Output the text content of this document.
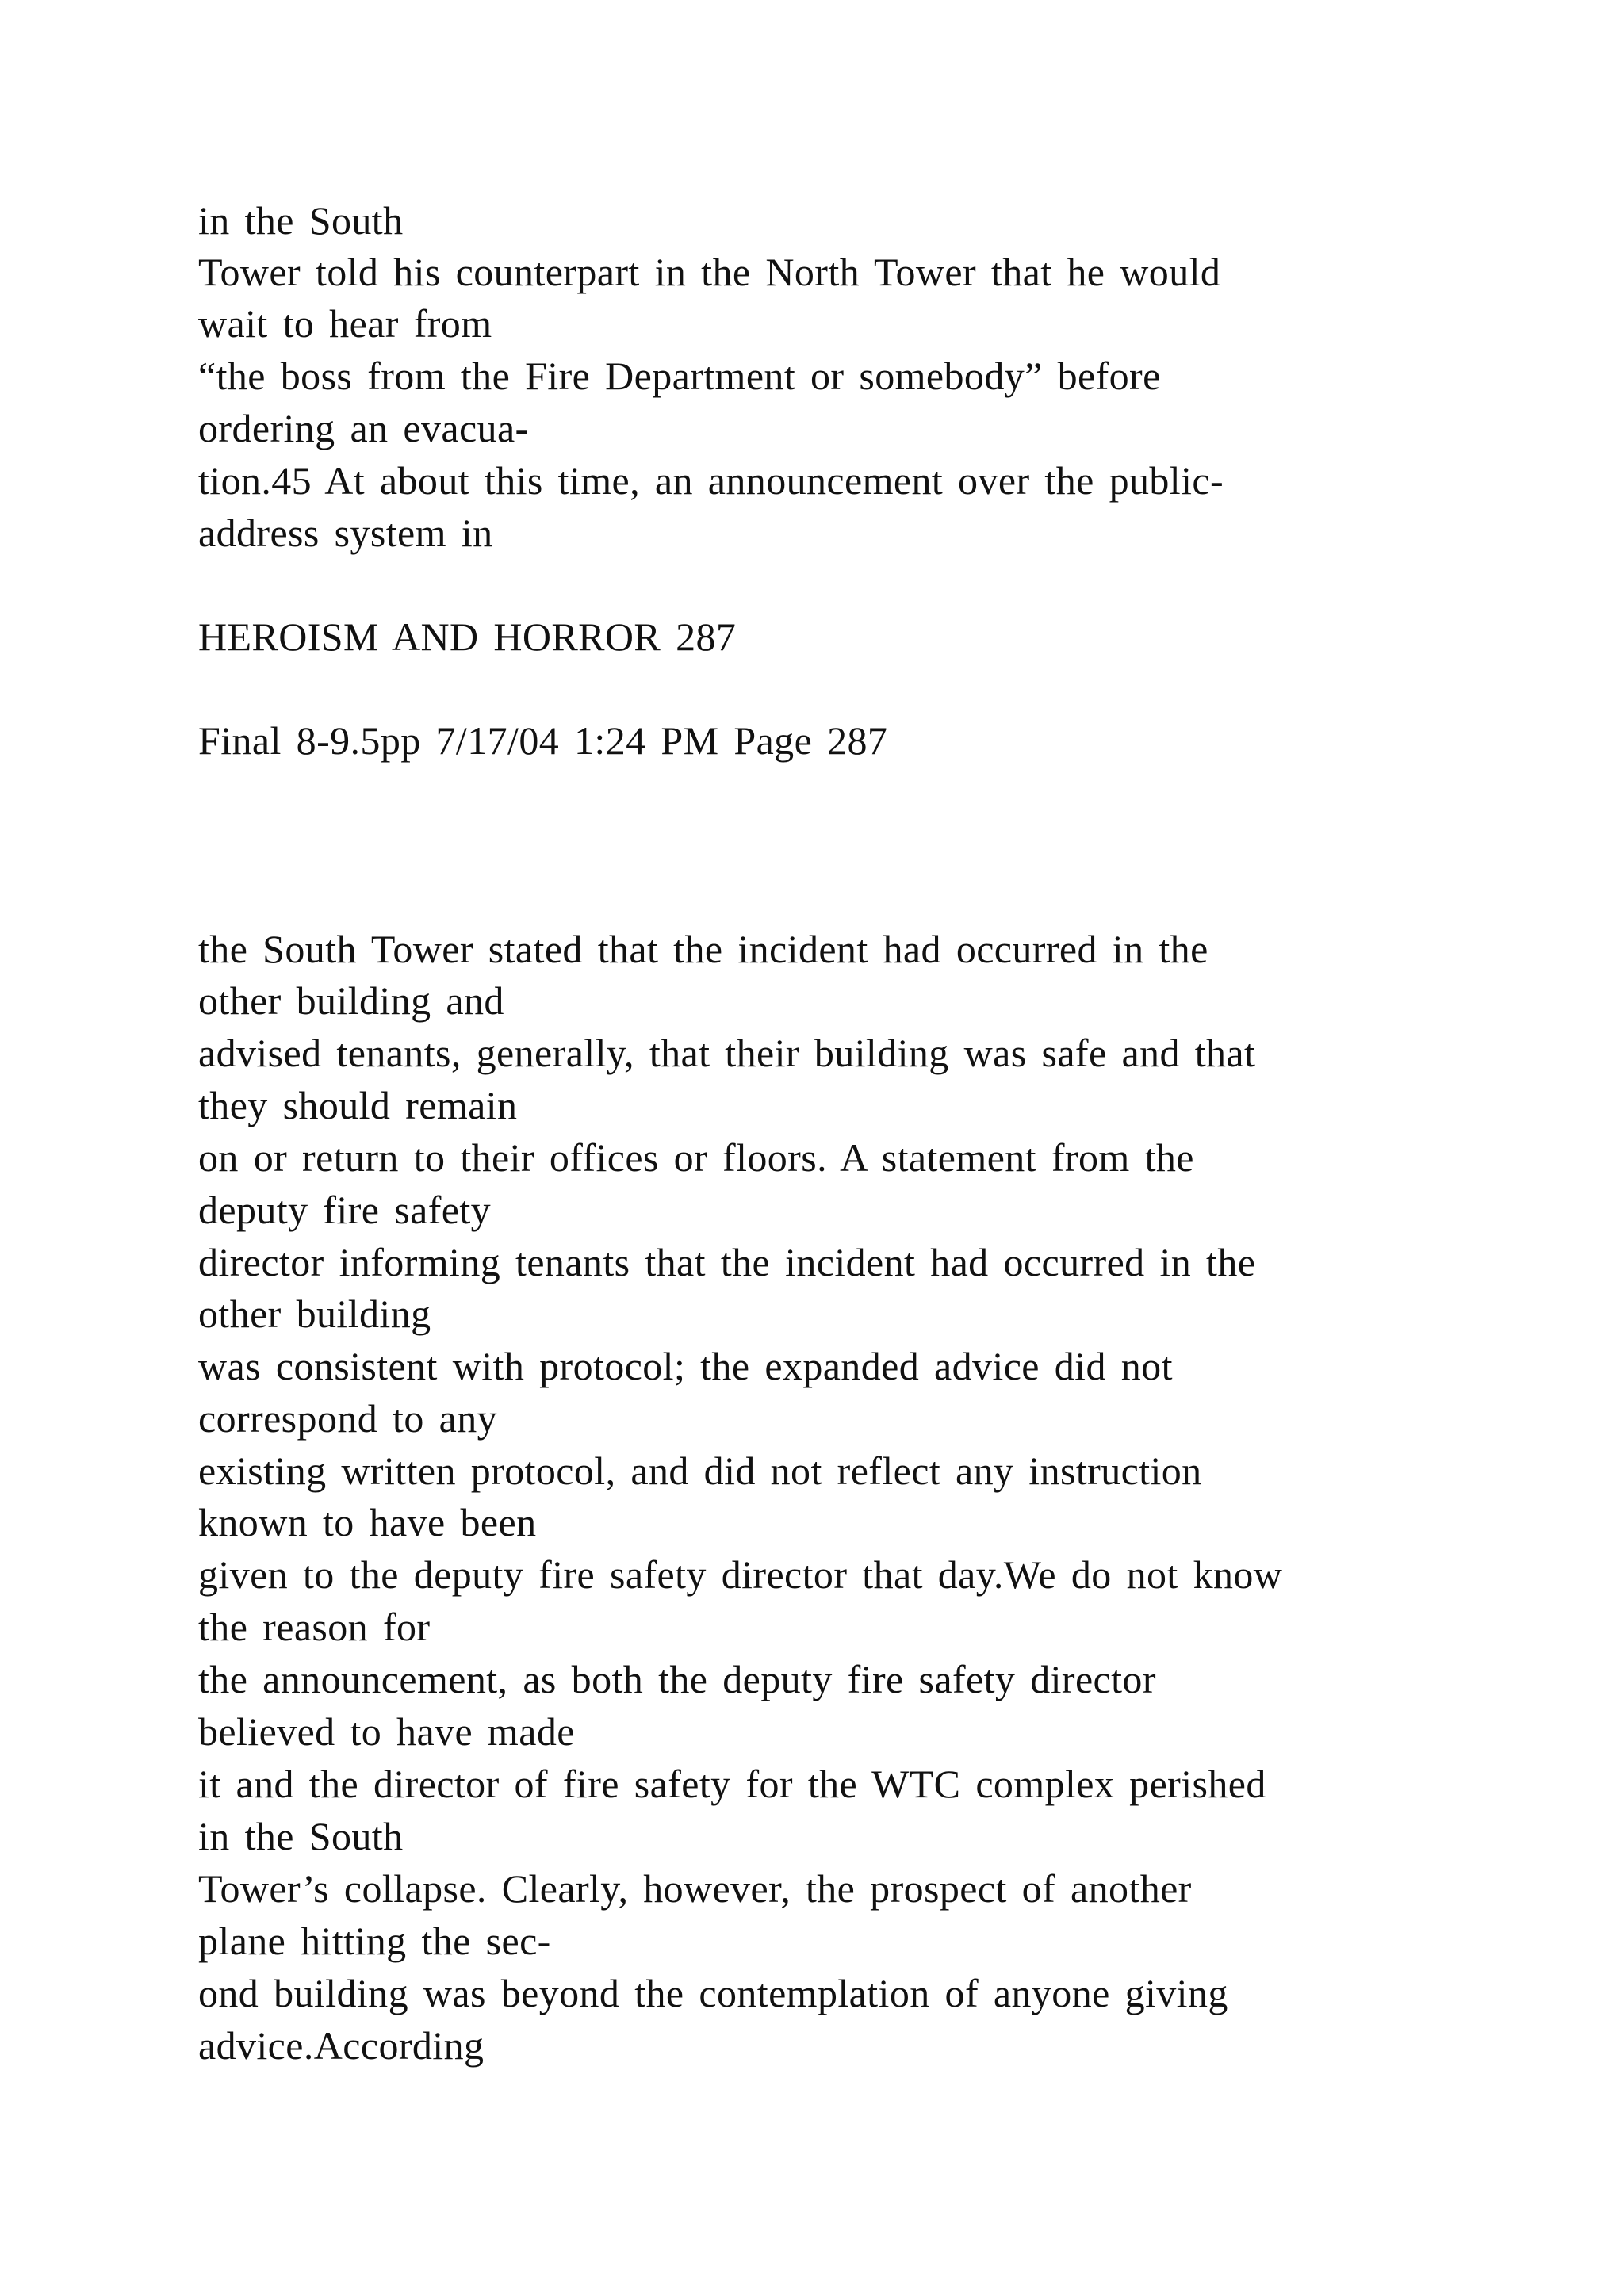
in the South
Tower told his counterpart in the North Tower that he would
wait to hear from
“the boss from the Fire Department or somebody” before
ordering an evacua-
tion.45 At about this time, an announcement over the public-
address system in
HEROISM AND HORROR 287
Final 8-9.5pp 7/17/04 1:24 PM Page 287
the South Tower stated that the incident had occurred in the
other building and
advised tenants, generally, that their building was safe and that
they should remain
on or return to their offices or floors. A statement from the
deputy fire safety
director informing tenants that the incident had occurred in the
other building
was consistent with protocol; the expanded advice did not
correspond to any
existing written protocol, and did not reflect any instruction
known to have been
given to the deputy fire safety director that day.We do not know
the reason for
the announcement, as both the deputy fire safety director
believed to have made
it and the director of fire safety for the WTC complex perished
in the South
Tower’s collapse. Clearly, however, the prospect of another
plane hitting the sec-
ond building was beyond the contemplation of anyone giving
advice.According
